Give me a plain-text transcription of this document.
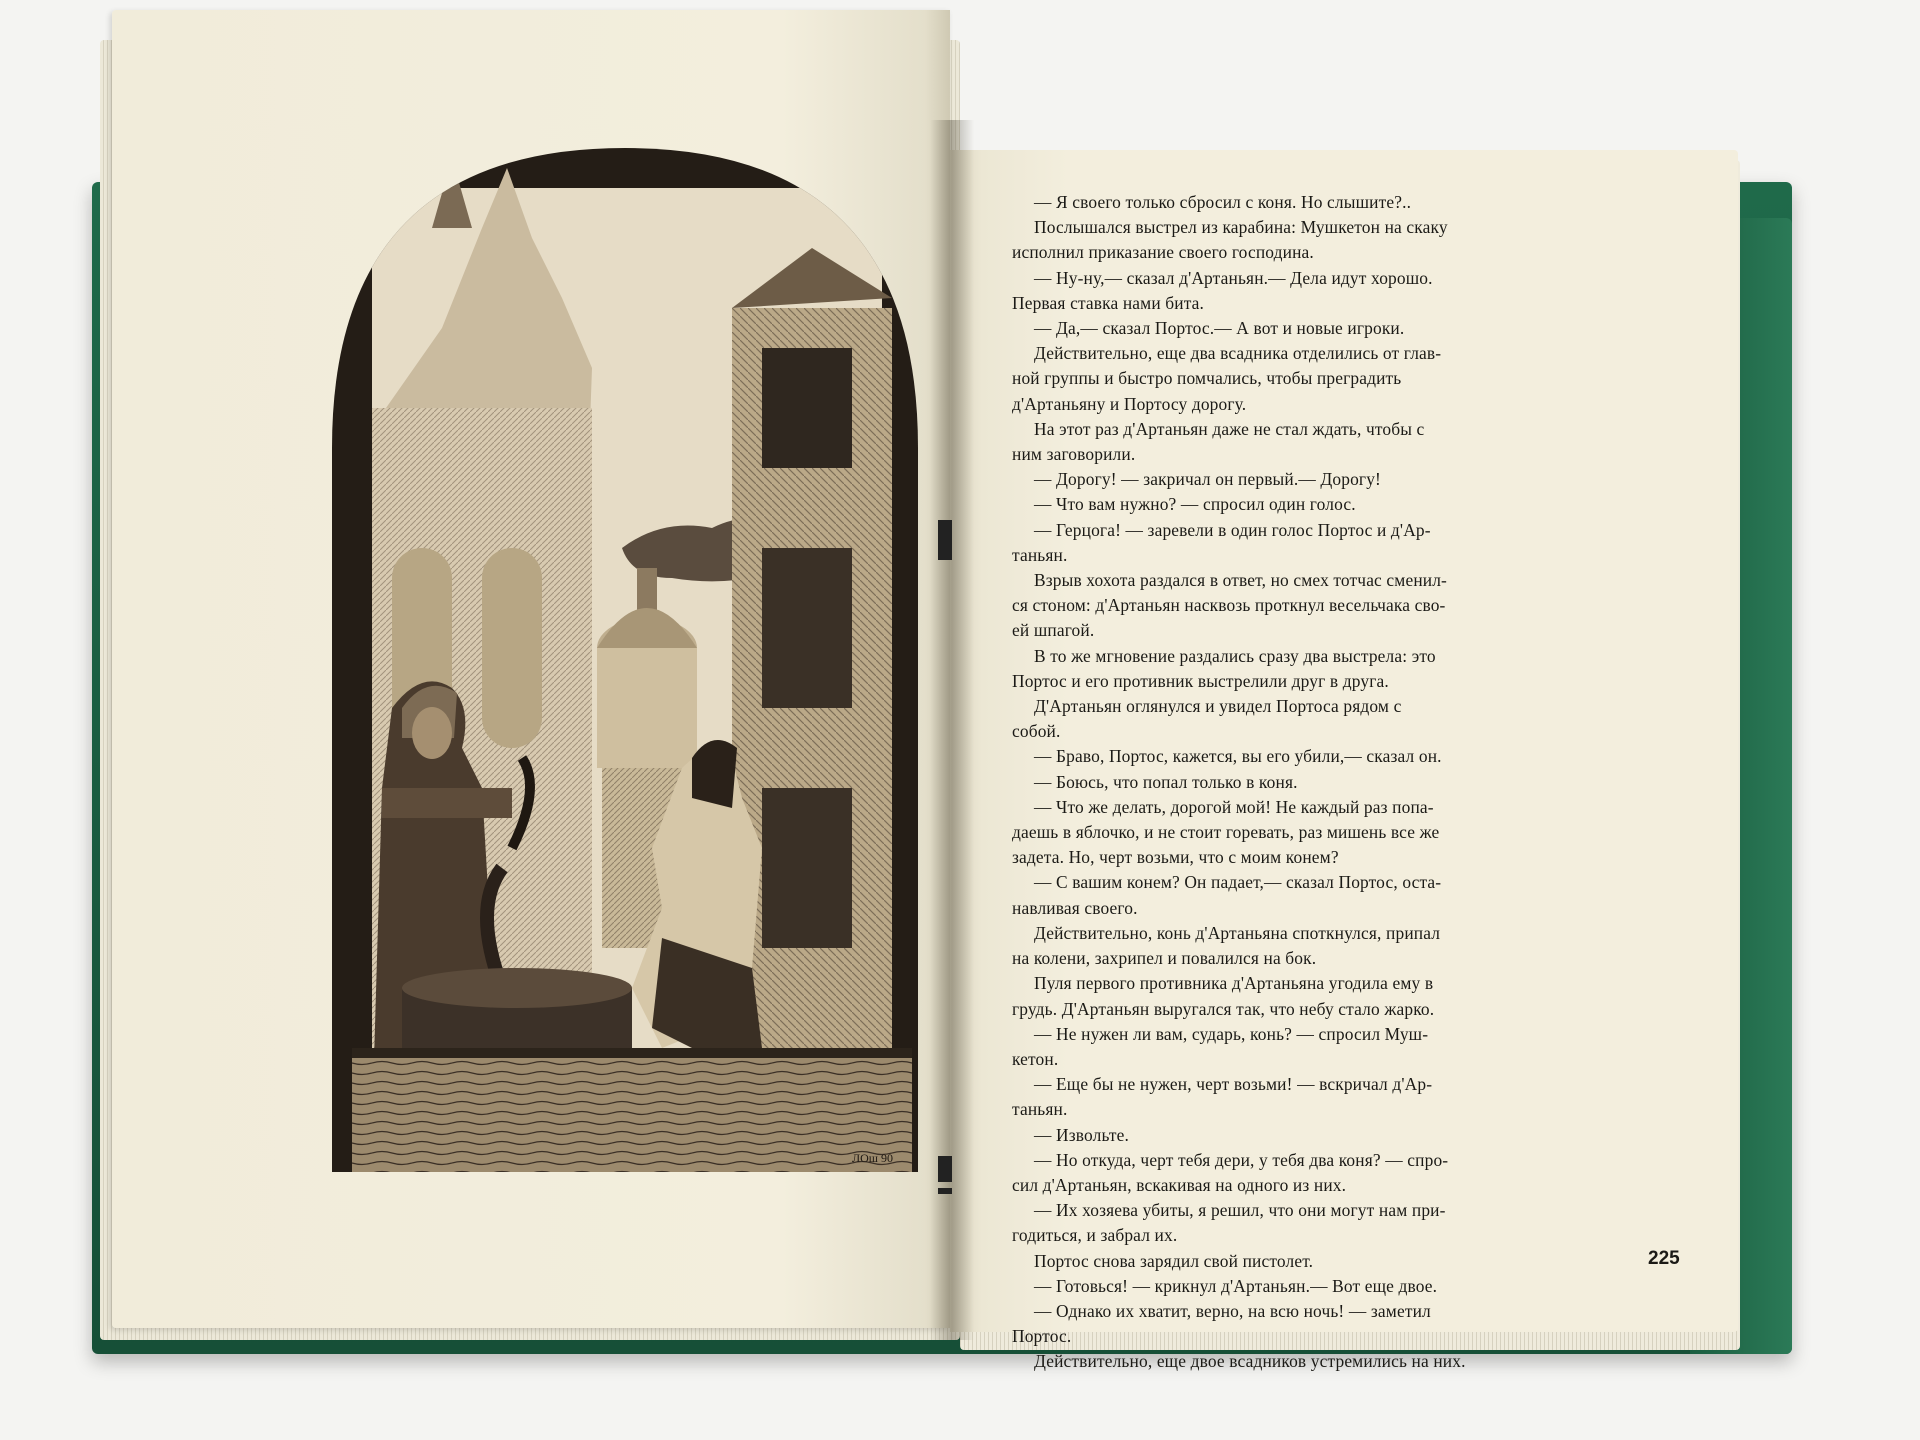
ЛОш 90

— Я своего только сбросил с коня. Но слышите?..

Послышался выстрел из карабина: Мушкетон на скаку

исполнил приказание своего господина.

— Ну-ну,— сказал д'Артаньян.— Дела идут хорошо.

Первая ставка нами бита.

— Да,— сказал Портос.— А вот и новые игроки.

Действительно, еще два всадника отделились от глав-

ной группы и быстро помчались, чтобы преградить

д'Артаньяну и Портосу дорогу.

На этот раз д'Артаньян даже не стал ждать, чтобы с

ним заговорили.

— Дорогу! — закричал он первый.— Дорогу!

— Что вам нужно? — спросил один голос.

— Герцога! — заревели в один голос Портос и д'Ар-

таньян.

Взрыв хохота раздался в ответ, но смех тотчас сменил-

ся стоном: д'Артаньян насквозь проткнул весельчака сво-

ей шпагой.

В то же мгновение раздались сразу два выстрела: это

Портос и его противник выстрелили друг в друга.

Д'Артаньян оглянулся и увидел Портоса рядом с

собой.

— Браво, Портос, кажется, вы его убили,— сказал он.

— Боюсь, что попал только в коня.

— Что же делать, дорогой мой! Не каждый раз попа-

даешь в яблочко, и не стоит горевать, раз мишень все же

задета. Но, черт возьми, что с моим конем?

— С вашим конем? Он падает,— сказал Портос, оста-

навливая своего.

Действительно, конь д'Артаньяна споткнулся, припал

на колени, захрипел и повалился на бок.

Пуля первого противника д'Артаньяна угодила ему в

грудь. Д'Артаньян выругался так, что небу стало жарко.

— Не нужен ли вам, сударь, конь? — спросил Муш-

кетон.

— Еще бы не нужен, черт возьми! — вскричал д'Ар-

таньян.

— Извольте.

— Но откуда, черт тебя дери, у тебя два коня? — спро-

сил д'Артаньян, вскакивая на одного из них.

— Их хозяева убиты, я решил, что они могут нам при-

годиться, и забрал их.

Портос снова зарядил свой пистолет.

— Готовься! — крикнул д'Артаньян.— Вот еще двое.

— Однако их хватит, верно, на всю ночь! — заметил

Портос.

Действительно, еще двое всадников устремились на них.

225
